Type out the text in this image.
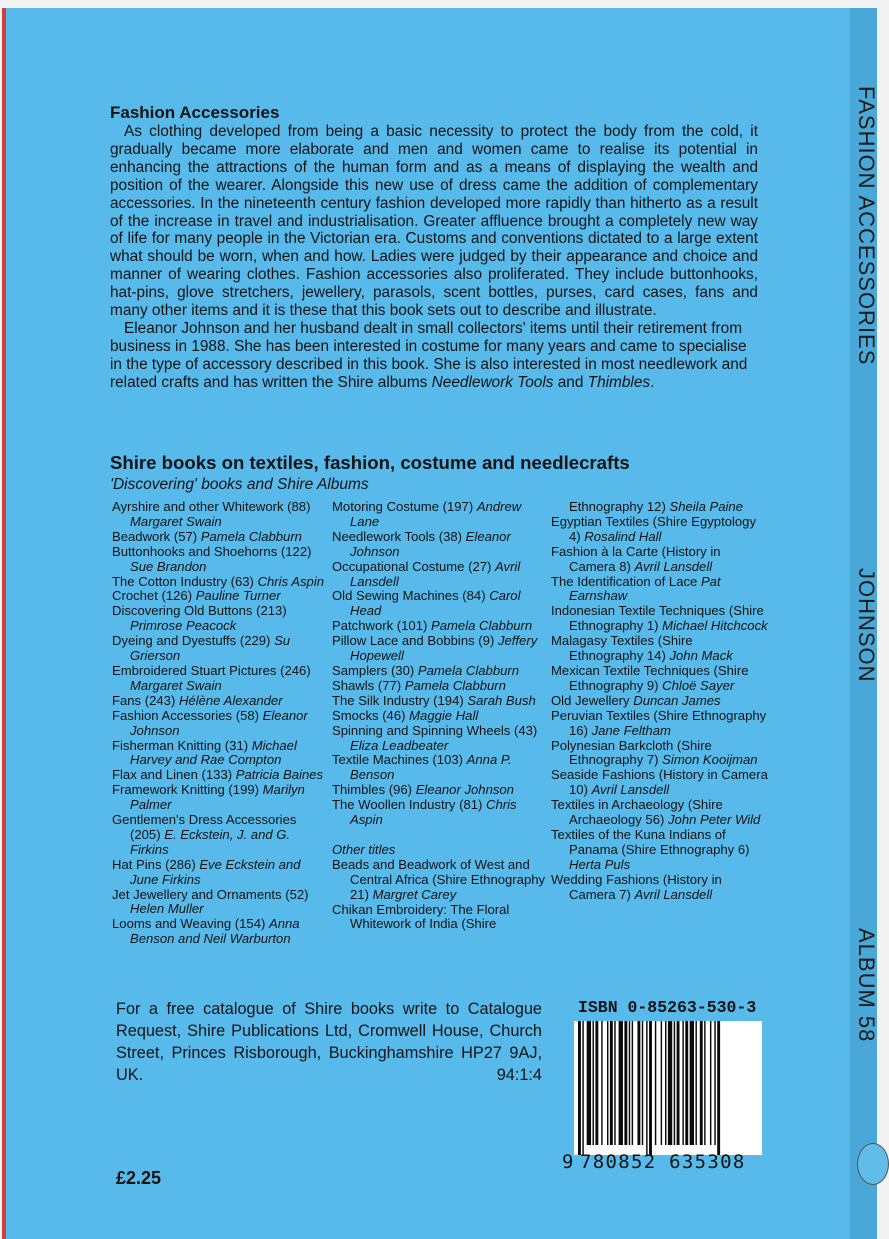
FASHION ACCESSORIES
JOHNSON
ALBUM 58
Fashion Accessories

As clothing developed from being a basic necessity to protect the body from the cold, it gradually became more elaborate and men and women came to realise its potential in enhancing the attractions of the human form and as a means of displaying the wealth and position of the wearer. Alongside this new use of dress came the addition of complementary accessories. In the nineteenth century fashion developed more rapidly than hitherto as a result of the increase in travel and industrialisation. Greater affluence brought a completely new way of life for many people in the Victorian era. Customs and conventions dictated to a large extent what should be worn, when and how. Ladies were judged by their appearance and choice and manner of wearing clothes. Fashion accessories also proliferated. They include buttonhooks, hat-pins, glove stretchers, jewellery, parasols, scent bottles, purses, card cases, fans and many other items and it is these that this book sets out to describe and illustrate.

Eleanor Johnson and her husband dealt in small collectors' items until their retirement from business in 1988. She has been interested in costume for many years and came to specialise in the type of accessory described in this book. She is also interested in most needlework and related crafts and has written the Shire albums Needlework Tools and Thimbles.

Shire books on textiles, fashion, costume and needlecrafts
'Discovering' books and Shire Albums
Ayrshire and other Whitework (88) Margaret Swain
Beadwork (57) Pamela Clabburn
Buttonhooks and Shoehorns (122) Sue Brandon
The Cotton Industry (63) Chris Aspin
Crochet (126) Pauline Turner
Discovering Old Buttons (213) Primrose Peacock
Dyeing and Dyestuffs (229) Su Grierson
Embroidered Stuart Pictures (246) Margaret Swain
Fans (243) Hélène Alexander
Fashion Accessories (58) Eleanor Johnson
Fisherman Knitting (31) Michael Harvey and Rae Compton
Flax and Linen (133) Patricia Baines
Framework Knitting (199) Marilyn Palmer
Gentlemen's Dress Accessories (205) E. Eckstein, J. and G. Firkins
Hat Pins (286) Eve Eckstein and June Firkins
Jet Jewellery and Ornaments (52) Helen Muller
Looms and Weaving (154) Anna Benson and Neil Warburton
Motoring Costume (197) Andrew Lane
Needlework Tools (38) Eleanor Johnson
Occupational Costume (27) Avril Lansdell
Old Sewing Machines (84) Carol Head
Patchwork (101) Pamela Clabburn
Pillow Lace and Bobbins (9) Jeffery Hopewell
Samplers (30) Pamela Clabburn
Shawls (77) Pamela Clabburn
The Silk Industry (194) Sarah Bush
Smocks (46) Maggie Hall
Spinning and Spinning Wheels (43) Eliza Leadbeater
Textile Machines (103) Anna P. Benson
Thimbles (96) Eleanor Johnson
The Woollen Industry (81) Chris Aspin
Other titles
Beads and Beadwork of West and Central Africa (Shire Ethnography 21) Margret Carey
Chikan Embroidery: The Floral Whitework of India (Shire
Ethnography 12) Sheila Paine
Egyptian Textiles (Shire Egyptology 4) Rosalind Hall
Fashion à la Carte (History in Camera 8) Avril Lansdell
The Identification of Lace Pat Earnshaw
Indonesian Textile Techniques (Shire Ethnography 1) Michael Hitchcock
Malagasy Textiles (Shire Ethnography 14) John Mack
Mexican Textile Techniques (Shire Ethnography 9) Chloë Sayer
Old Jewellery Duncan James
Peruvian Textiles (Shire Ethnography 16) Jane Feltham
Polynesian Barkcloth (Shire Ethnography 7) Simon Kooijman
Seaside Fashions (History in Camera 10) Avril Lansdell
Textiles in Archaeology (Shire Archaeology 56) John Peter Wild
Textiles of the Kuna Indians of Panama (Shire Ethnography 6) Herta Puls
Wedding Fashions (History in Camera 7) Avril Lansdell
For a free catalogue of Shire books write to Catalogue Request, Shire Publications Ltd, Cromwell House, Church Street, Princes Risborough, Buckinghamshire HP27 9AJ, UK.	94:1:4
ISBN 0-85263-530-3
9 780852 635308
£2.25
